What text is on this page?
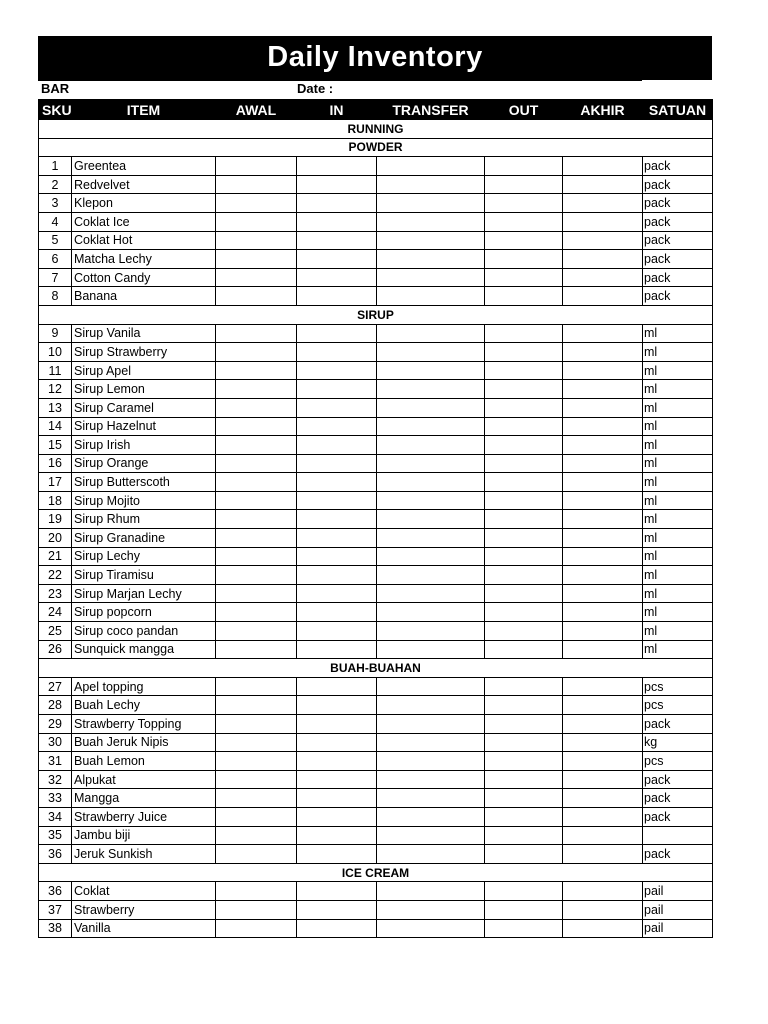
Daily Inventory
BAR	Date :
SKU	ITEM	AWAL	IN	TRANSFER	OUT	AKHIR	SATUAN
RUNNING							
POWDER							
1	Greentea						pack
2	Redvelvet						pack
3	Klepon						pack
4	Coklat Ice						pack
5	Coklat Hot						pack
6	Matcha Lechy						pack
7	Cotton Candy						pack
8	Banana						pack
SIRUP							
9	Sirup Vanila						ml
10	Sirup Strawberry						ml
11	Sirup Apel						ml
12	Sirup Lemon						ml
13	Sirup Caramel						ml
14	Sirup Hazelnut						ml
15	Sirup Irish						ml
16	Sirup Orange						ml
17	Sirup Butterscoth						ml
18	Sirup Mojito						ml
19	Sirup Rhum						ml
20	Sirup Granadine						ml
21	Sirup Lechy						ml
22	Sirup Tiramisu						ml
23	Sirup Marjan Lechy						ml
24	Sirup popcorn						ml
25	Sirup coco pandan						ml
26	Sunquick mangga						ml
BUAH-BUAHAN							
27	Apel topping						pcs
28	Buah Lechy						pcs
29	Strawberry Topping						pack
30	Buah Jeruk Nipis						kg
31	Buah Lemon						pcs
32	Alpukat						pack
33	Mangga						pack
34	Strawberry Juice						pack
35	Jambu biji						
36	Jeruk Sunkish						pack
ICE CREAM							
36	Coklat						pail
37	Strawberry						pail
38	Vanilla						pail
